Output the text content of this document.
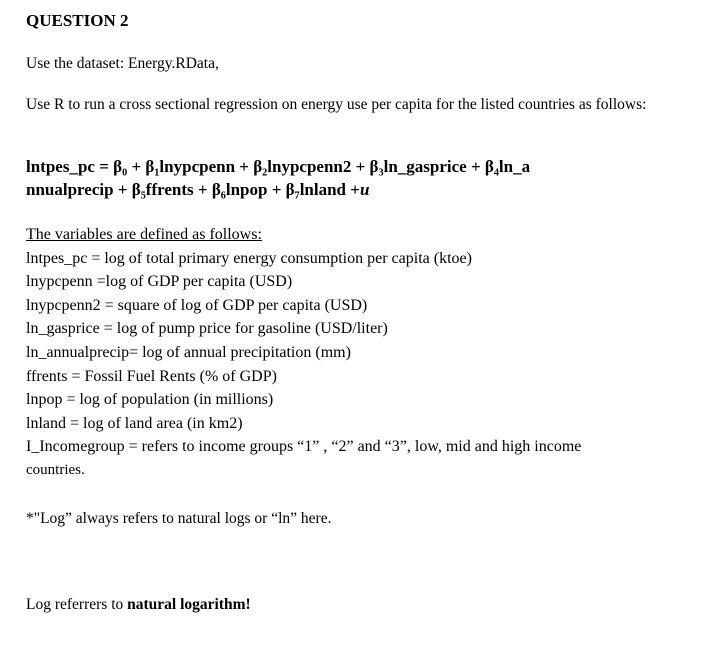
QUESTION 2
Use the dataset: Energy.RData,
Use R to run a cross sectional regression on energy use per capita for the listed countries as follows:
lntpes_pc = β₀ + β₁lnypcpenn + β₂lnypcpenn2 + β₃ln_gasprice + β₄ln_a
nnualprecip + β₅ffrents + β₆lnpop + β₇lnland +u
The variables are defined as follows:
lntpes_pc = log of total primary energy consumption per capita (ktoe)
lnypcpenn =log of GDP per capita (USD)
lnypcpenn2 = square of log of GDP per capita (USD)
ln_gasprice = log of pump price for gasoline (USD/liter)
ln_annualprecip= log of annual precipitation (mm)
ffrents = Fossil Fuel Rents (% of GDP)
lnpop = log of population (in millions)
lnland = log of land area (in km2)
I_Incomegroup = refers to income groups “1” , “2” and “3”, low, mid and high income
countries.
*"Log” always refers to natural logs or “ln” here.
Log referrers to natural logarithm!
